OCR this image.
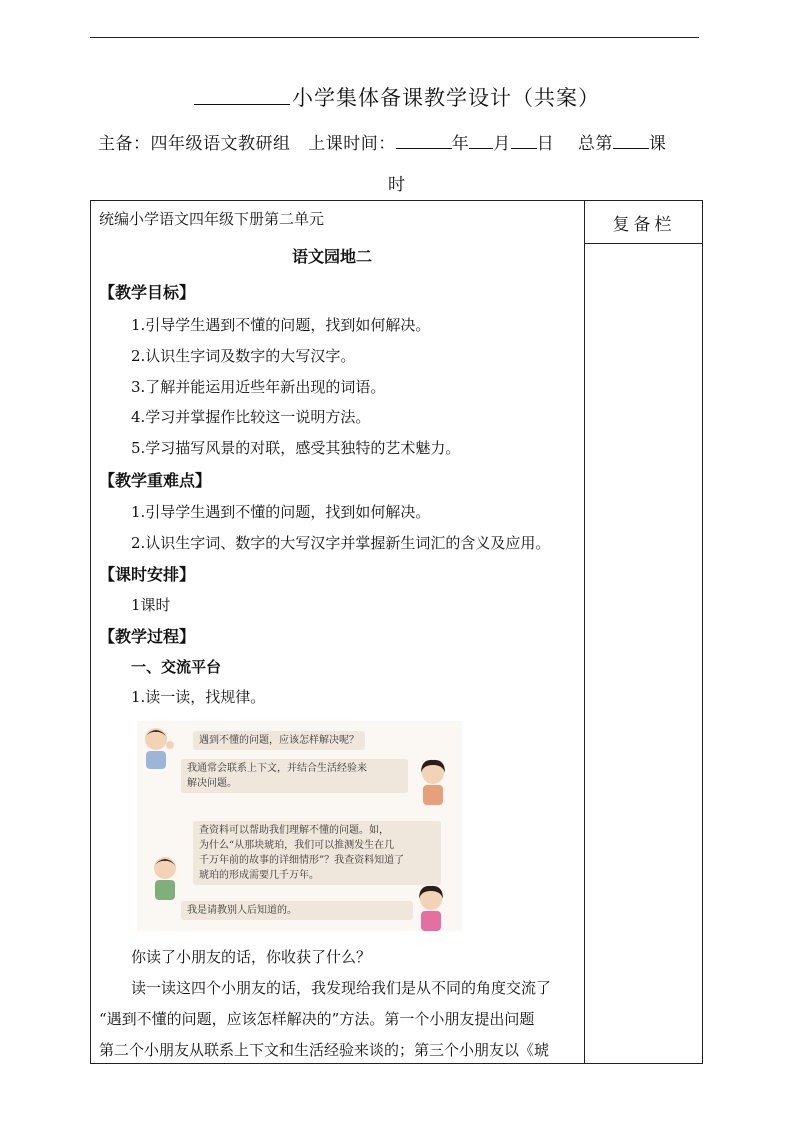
小学集体备课教学设计（共案）
主备：四年级语文教研组 上课时间：	年 月 日 总第 课
时
复备栏
统编小学语文四年级下册第二单元
语文园地二
【教学目标】
1.引导学生遇到不懂的问题，找到如何解决。
2.认识生字词及数字的大写汉字。
3.了解并能运用近些年新出现的词语。
4.学习并掌握作比较这一说明方法。
5.学习描写风景的对联，感受其独特的艺术魅力。
【教学重难点】
1.引导学生遇到不懂的问题，找到如何解决。
2.认识生字词、数字的大写汉字并掌握新生词汇的含义及应用。
【课时安排】
1课时
【教学过程】
一、交流平台
1.读一读，找规律。
遇到不懂的问题，应该怎样解决呢？
我通常会联系上下文，并结合生活经验来
解决问题。
查资料可以帮助我们理解不懂的问题。如，
为什么“从那块琥珀，我们可以推测发生在几
千万年前的故事的详细情形”？我查资料知道了
琥珀的形成需要几千万年。
我是请教别人后知道的。
你读了小朋友的话，你收获了什么？
读一读这四个小朋友的话，我发现给我们是从不同的角度交流了
“遇到不懂的问题，应该怎样解决的”方法。第一个小朋友提出问题
第二个小朋友从联系上下文和生活经验来谈的；第三个小朋友以《琥
